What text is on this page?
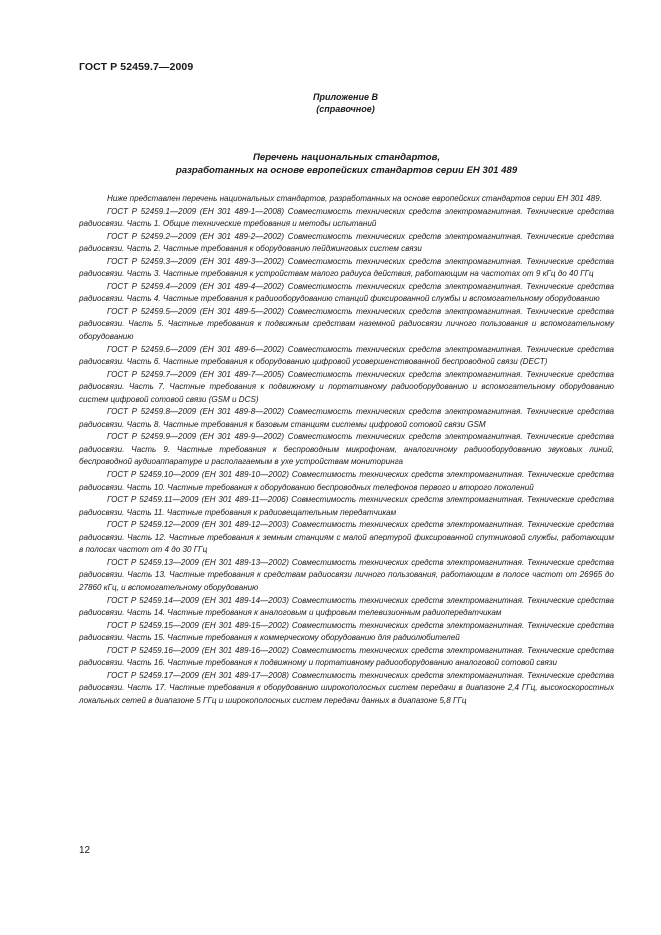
ГОСТ Р 52459.7—2009
Приложение В
(справочное)
Перечень национальных стандартов,
разработанных на основе европейских стандартов серии ЕН 301 489

Ниже представлен перечень национальных стандартов, разработанных на основе европейских стандартов серии ЕН 301 489.

ГОСТ Р 52459.1—2009 (ЕН 301 489-1—2008) Совместимость технических средств электромагнитная. Технические средства радиосвязи. Часть 1. Общие технические требования и методы испытаний

ГОСТ Р 52459.2—2009 (ЕН 301 489-2—2002) Совместимость технических средств электромагнитная. Технические средства радиосвязи. Часть 2. Частные требования к оборудованию пейджинговых систем связи

ГОСТ Р 52459.3—2009 (ЕН 301 489-3—2002) Совместимость технических средств электромагнитная. Технические средства радиосвязи. Часть 3. Частные требования к устройствам малого радиуса действия, работающим на частотах от 9 кГц до 40 ГГц

ГОСТ Р 52459.4—2009 (ЕН 301 489-4—2002) Совместимость технических средств электромагнитная. Технические средства радиосвязи. Часть 4. Частные требования к радиооборудованию станций фиксированной службы и вспомогательному оборудованию

ГОСТ Р 52459.5—2009 (ЕН 301 489-5—2002) Совместимость технических средств электромагнитная. Технические средства радиосвязи. Часть 5. Частные требования к подвижным средствам наземной радиосвязи личного пользования и вспомогательному оборудованию

ГОСТ Р 52459.6—2009 (ЕН 301 489-6—2002) Совместимость технических средств электромагнитная. Технические средства радиосвязи. Часть 6. Частные требования к оборудованию цифровой усовершенствованной беспроводной связи (DECT)

ГОСТ Р 52459.7—2009 (ЕН 301 489-7—2005) Совместимость технических средств электромагнитная. Технические средства радиосвязи. Часть 7. Частные требования к подвижному и портативному радиооборудованию и вспомогательному оборудованию систем цифровой сотовой связи (GSM и DCS)

ГОСТ Р 52459.8—2009 (ЕН 301 489-8—2002) Совместимость технических средств электромагнитная. Технические средства радиосвязи. Часть 8. Частные требования к базовым станциям системы цифровой сотовой связи GSM

ГОСТ Р 52459.9—2009 (ЕН 301 489-9—2002) Совместимость технических средств электромагнитная. Технические средства радиосвязи. Часть 9. Частные требования к беспроводным микрофонам, аналогичному радиооборудованию звуковых линий, беспроводной аудиоаппаратуре и располагаемым в ухе устройствам мониторинга

ГОСТ Р 52459.10—2009 (ЕН 301 489-10—2002) Совместимость технических средств электромагнитная. Технические средства радиосвязи. Часть 10. Частные требования к оборудованию беспроводных телефонов первого и второго поколений

ГОСТ Р 52459.11—2009 (ЕН 301 489-11—2006) Совместимость технических средств электромагнитная. Технические средства радиосвязи. Часть 11. Частные требования к радиовещательным передатчикам

ГОСТ Р 52459.12—2009 (ЕН 301 489-12—2003) Совместимость технических средств электромагнитная. Технические средства радиосвязи. Часть 12. Частные требования к земным станциям с малой апертурой фиксированной спутниковой службы, работающим в полосах частот от 4 до 30 ГГц

ГОСТ Р 52459.13—2009 (ЕН 301 489-13—2002) Совместимость технических средств электромагнитная. Технические средства радиосвязи. Часть 13. Частные требования к средствам радиосвязи личного пользования, работающим в полосе частот от 26965 до 27860 кГц, и вспомогательному оборудованию

ГОСТ Р 52459.14—2009 (ЕН 301 489-14—2003) Совместимость технических средств электромагнитная. Технические средства радиосвязи. Часть 14. Частные требования к аналоговым и цифровым телевизионным радиопередатчикам

ГОСТ Р 52459.15—2009 (ЕН 301 489-15—2002) Совместимость технических средств электромагнитная. Технические средства радиосвязи. Часть 15. Частные требования к коммерческому оборудованию для радиолюбителей

ГОСТ Р 52459.16—2009 (ЕН 301 489-16—2002) Совместимость технических средств электромагнитная. Технические средства радиосвязи. Часть 16. Частные требования к подвижному и портативному радиооборудованию аналоговой сотовой связи

ГОСТ Р 52459.17—2009 (ЕН 301 489-17—2008) Совместимость технических средств электромагнитная. Технические средства радиосвязи. Часть 17. Частные требования к оборудованию широкополосных систем передачи в диапазоне 2,4 ГГц, высокоскоростных локальных сетей в диапазоне 5 ГГц и широкополосных систем передачи данных в диапазоне 5,8 ГГц

12
